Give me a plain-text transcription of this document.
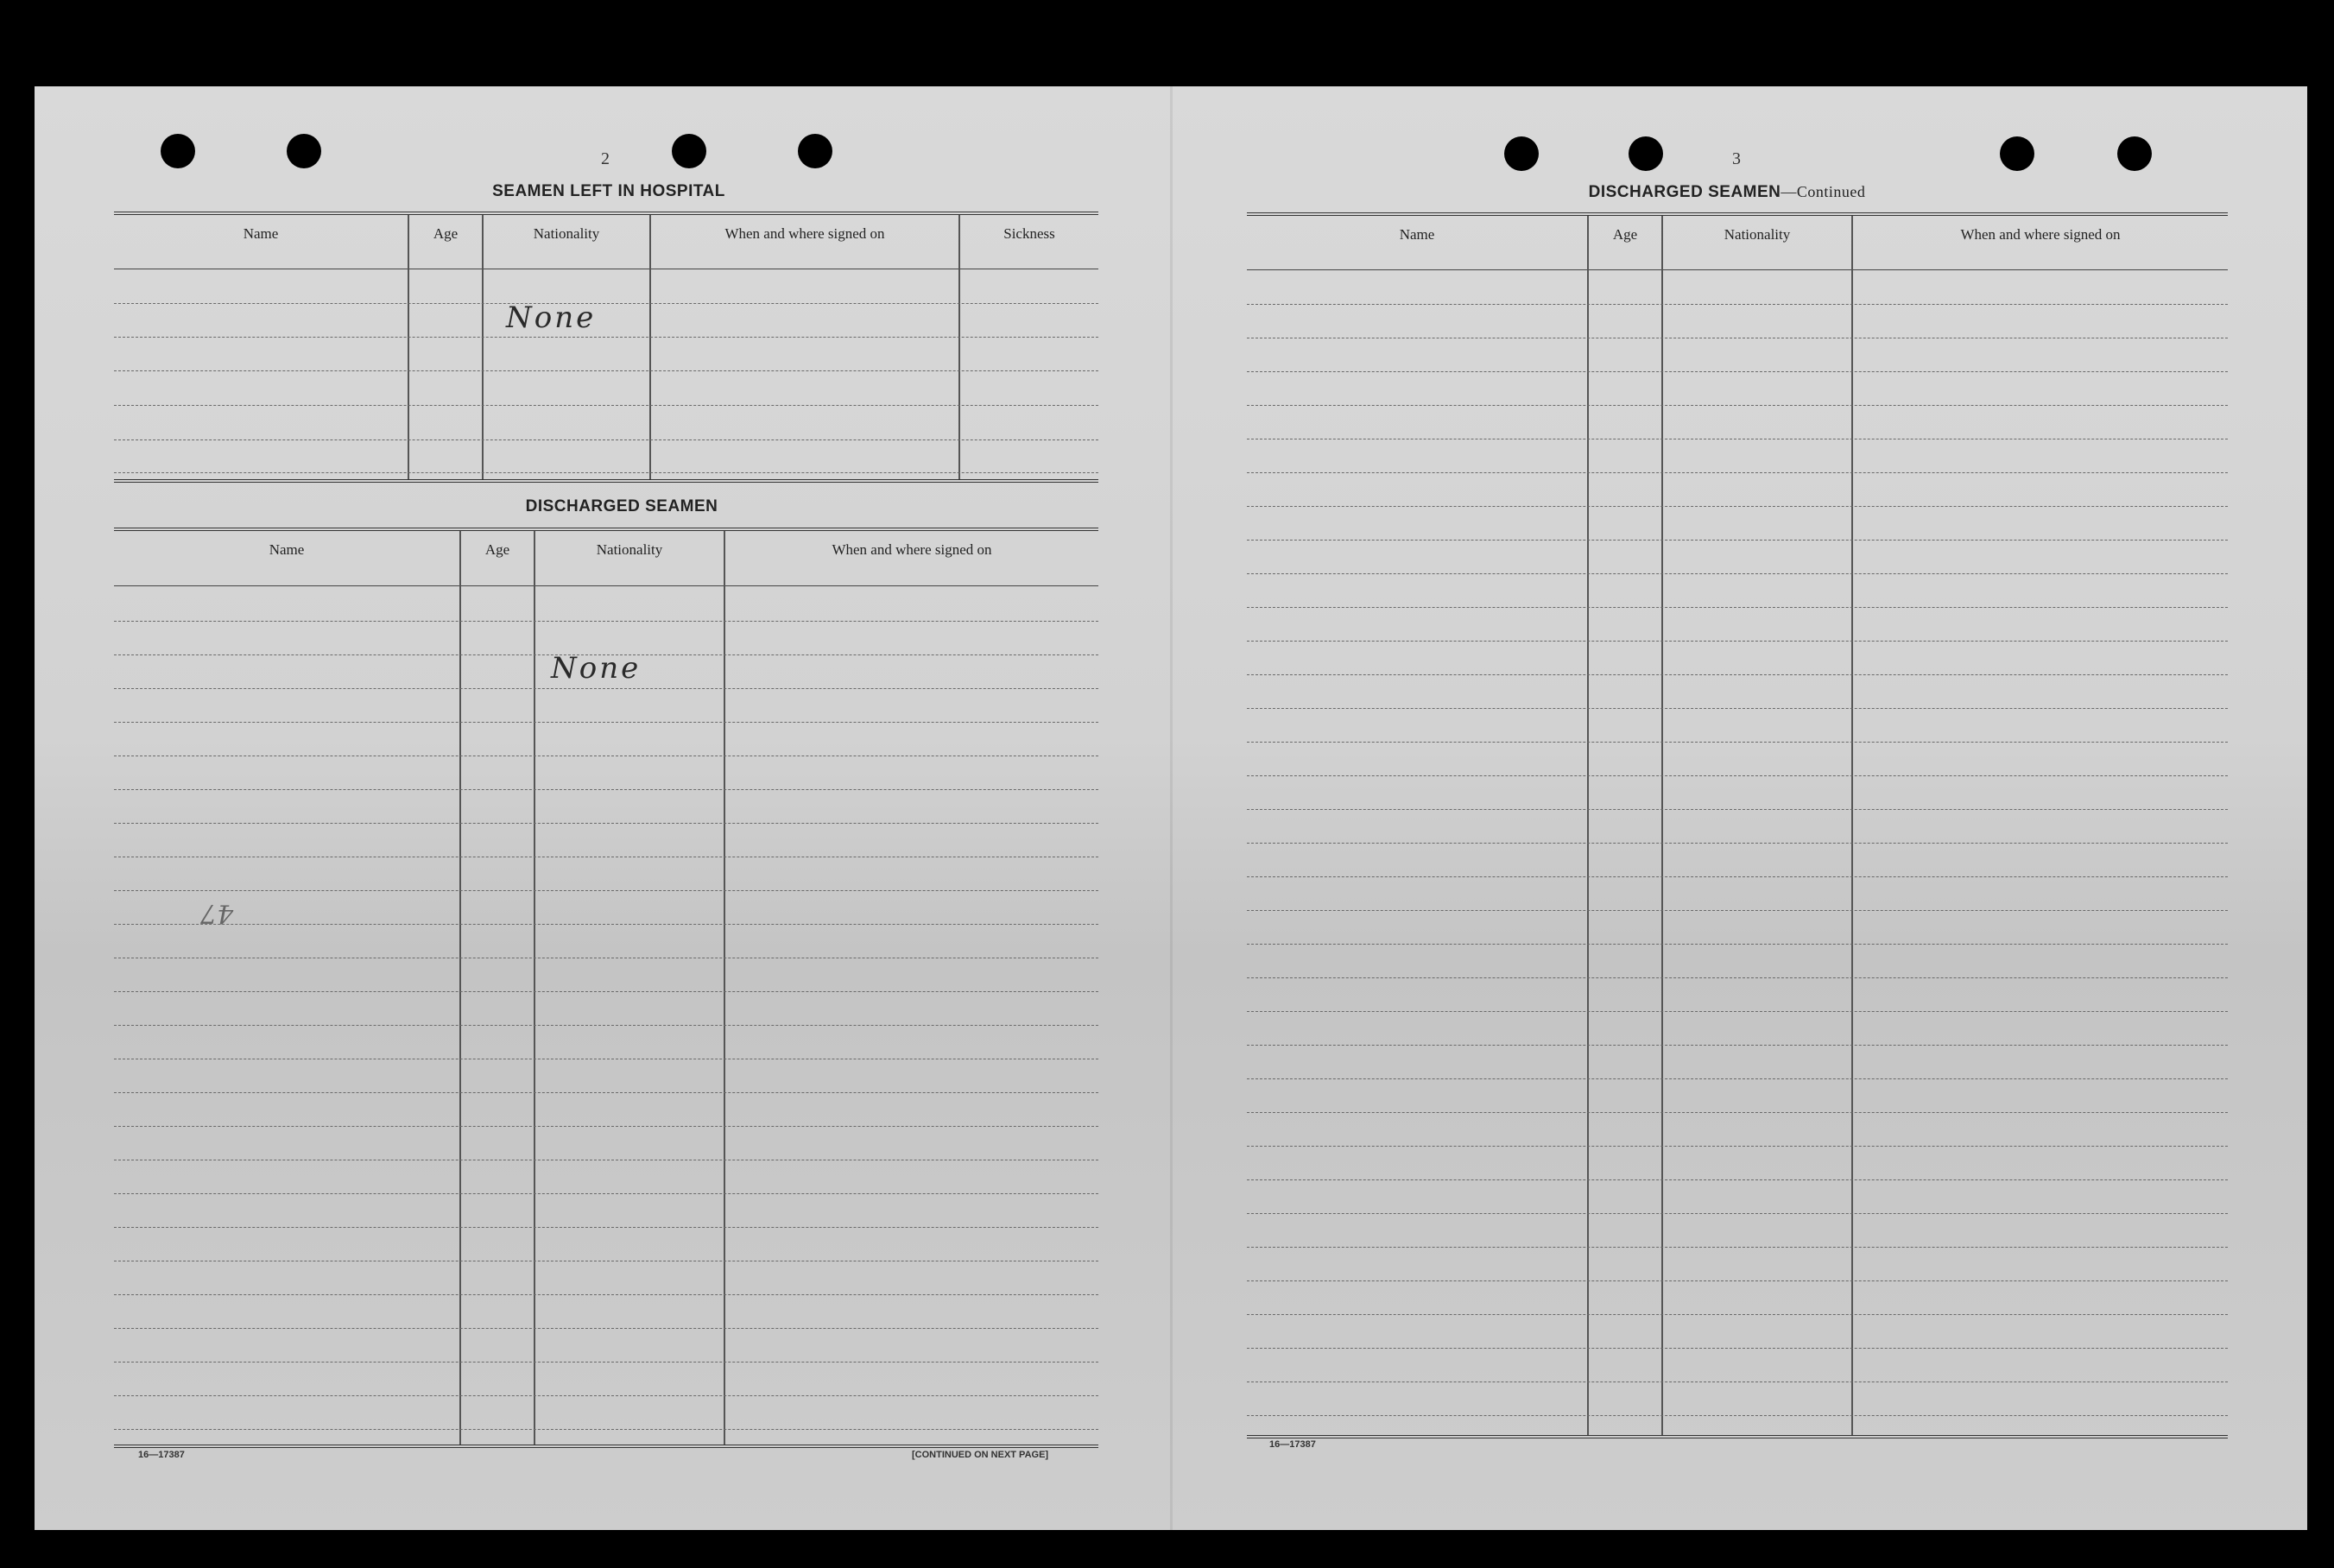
2
SEAMEN LEFT IN HOSPITAL
Name	Age	Nationality	When and where signed on	Sickness
None
DISCHARGED SEAMEN
Name	Age	Nationality	When and where signed on
None
47
16—17387	[CONTINUED ON NEXT PAGE]
3
DISCHARGED SEAMEN—Continued
Name	Age	Nationality	When and where signed on
16—17387
